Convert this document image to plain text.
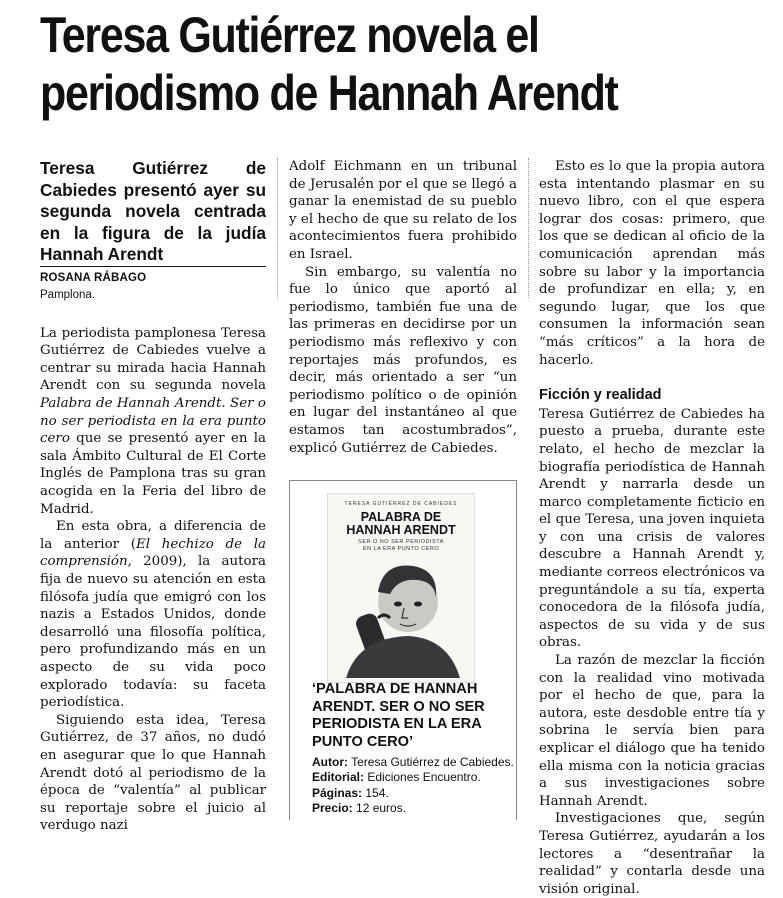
Teresa Gutiérrez novela el
periodismo de Hannah Arendt

Teresa Gutiérrez de Cabiedes presentó ayer su segunda novela centrada en la figura de la judía Hannah Arendt

ROSANA RÁBAGO
Pamplona.

La periodista pamplonesa Teresa Gutiérrez de Cabiedes vuelve a centrar su mirada hacia Hannah Arendt con su segunda novela Palabra de Hannah Arendt. Ser o no ser periodista en la era punto cero que se presentó ayer en la sala Ámbito Cultural de El Corte Inglés de Pamplona tras su gran acogida en la Feria del libro de Madrid.

En esta obra, a diferencia de la anterior (El hechizo de la comprensión, 2009), la autora fija de nuevo su atención en esta filósofa judía que emigró con los nazis a Estados Unidos, donde desarrolló una filosofía política, pero profundizando más en un aspecto de su vida poco explorado todavía: su faceta periodística.

Siguiendo esta idea, Teresa Gutiérrez, de 37 años, no dudó en asegurar que lo que Hannah Arendt dotó al periodismo de la época de “valentía” al publicar su reportaje sobre el juicio al verdugo nazi

Adolf Eichmann en un tribunal de Jerusalén por el que se llegó a ganar la enemistad de su pueblo y el hecho de que su relato de los acontecimientos fuera prohibido en Israel.

Sin embargo, su valentía no fue lo único que aportó al periodismo, también fue una de las primeras en decidirse por un periodismo más reflexivo y con reportajes más profundos, es decir, más orientado a ser “un periodismo político o de opinión en lugar del instantáneo al que estamos tan acostumbrados”, explicó Gutiérrez de Cabiedes.

TERESA GUTIÉRREZ DE CABIEDES
PALABRA DE
HANNAH ARENDT
SER O NO SER PERIODISTA
EN LA ERA PUNTO CERO

‘PALABRA DE HANNAH ARENDT. SER O NO SER PERIODISTA EN LA ERA PUNTO CERO’

Autor: Teresa Gutiérrez de Cabiedes.
Editorial: Ediciones Encuentro.
Páginas: 154.
Precio: 12 euros.

Esto es lo que la propia autora esta intentando plasmar en su nuevo libro, con el que espera lograr dos cosas: primero, que los que se dedican al oficio de la comunicación aprendan más sobre su labor y la importancia de profundizar en ella; y, en segundo lugar, que los que consumen la información sean “más críticos” a la hora de hacerlo.

Ficción y realidad

Teresa Gutiérrez de Cabiedes ha puesto a prueba, durante este relato, el hecho de mezclar la biografía periodística de Hannah Arendt y narrarla desde un marco completamente ficticio en el que Teresa, una joven inquieta y con una crisis de valores descubre a Hannah Arendt y, mediante correos electrónicos va preguntándole a su tía, experta conocedora de la filósofa judía, aspectos de su vida y de sus obras.

La razón de mezclar la ficción con la realidad vino motivada por el hecho de que, para la autora, este desdoble entre tía y sobrina le servía bien para explicar el diálogo que ha tenido ella misma con la noticia gracias a sus investigaciones sobre Hannah Arendt.

Investigaciones que, según Teresa Gutiérrez, ayudarán a los lectores a “desentrañar la realidad” y contarla desde una visión original.
